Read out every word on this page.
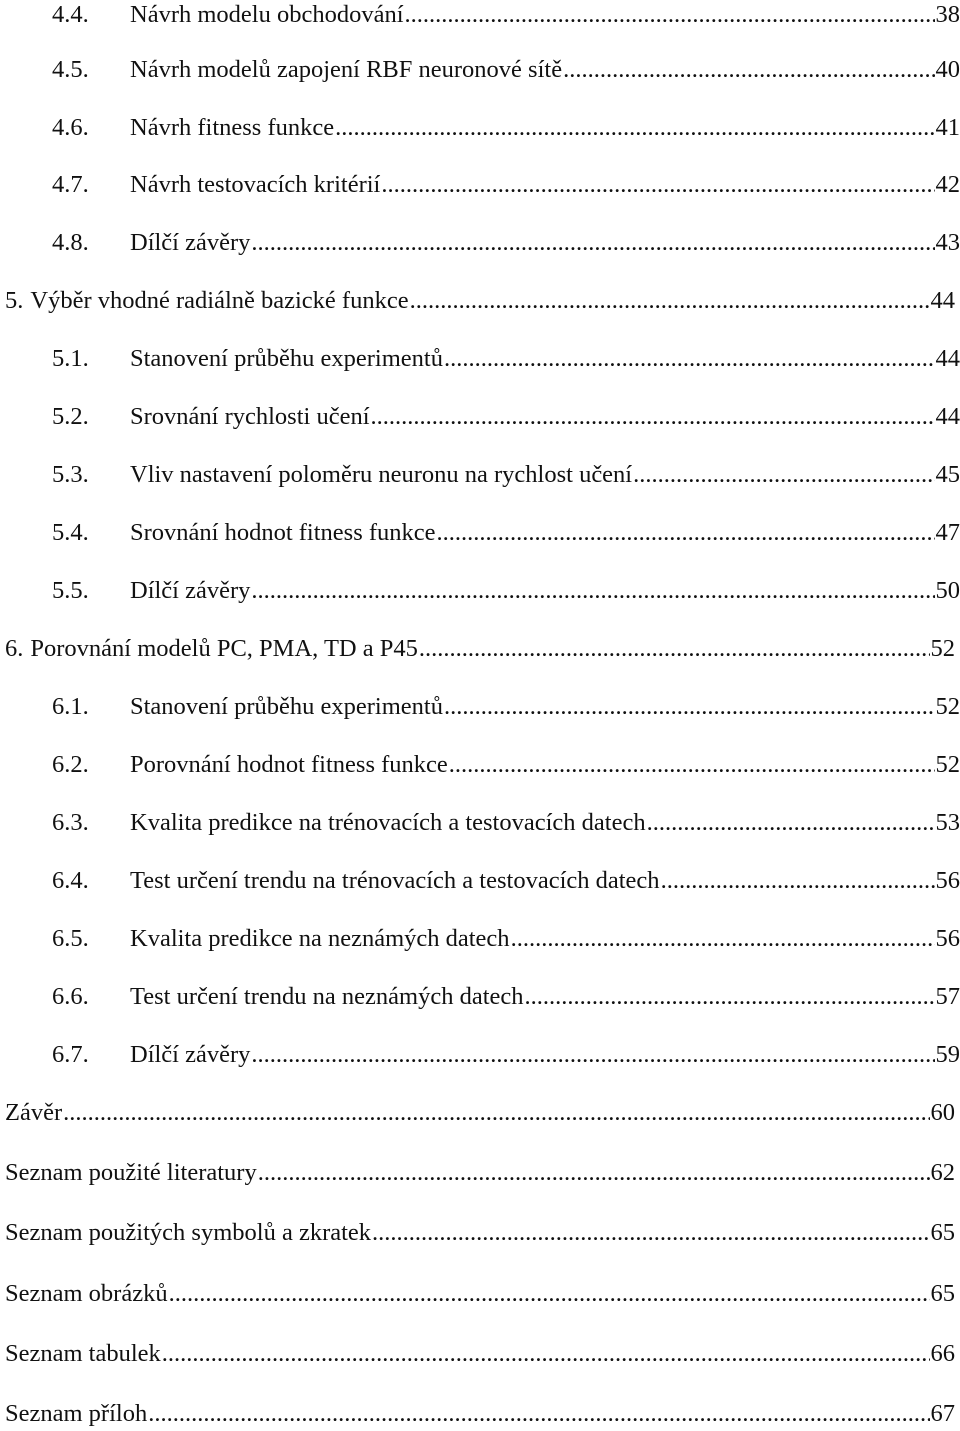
4.4.	Návrh modelu obchodování .....	38
4.5.	Návrh modelů zapojení RBF neuronové sítě .....	40
4.6.	Návrh fitness funkce .....	41
4.7.	Návrh testovacích kritérií .....	42
4.8.	Dílčí závěry .....	43
5. Výběr vhodné radiálně bazické funkce .....	44
5.1.	Stanovení průběhu experimentů .....	44
5.2.	Srovnání rychlosti učení .....	44
5.3.	Vliv nastavení poloměru neuronu na rychlost učení .....	45
5.4.	Srovnání hodnot fitness funkce .....	47
5.5.	Dílčí závěry .....	50
6. Porovnání modelů PC, PMA, TD a P45 .....	52
6.1.	Stanovení průběhu experimentů .....	52
6.2.	Porovnání hodnot fitness funkce .....	52
6.3.	Kvalita predikce na trénovacích a testovacích datech .....	53
6.4.	Test určení trendu na trénovacích a testovacích datech .....	56
6.5.	Kvalita predikce na neznámých datech .....	56
6.6.	Test určení trendu na neznámých datech .....	57
6.7.	Dílčí závěry .....	59
Závěr .....	60
Seznam použité literatury .....	62
Seznam použitých symbolů a zkratek .....	65
Seznam obrázků .....	65
Seznam tabulek .....	66
Seznam příloh .....	67
